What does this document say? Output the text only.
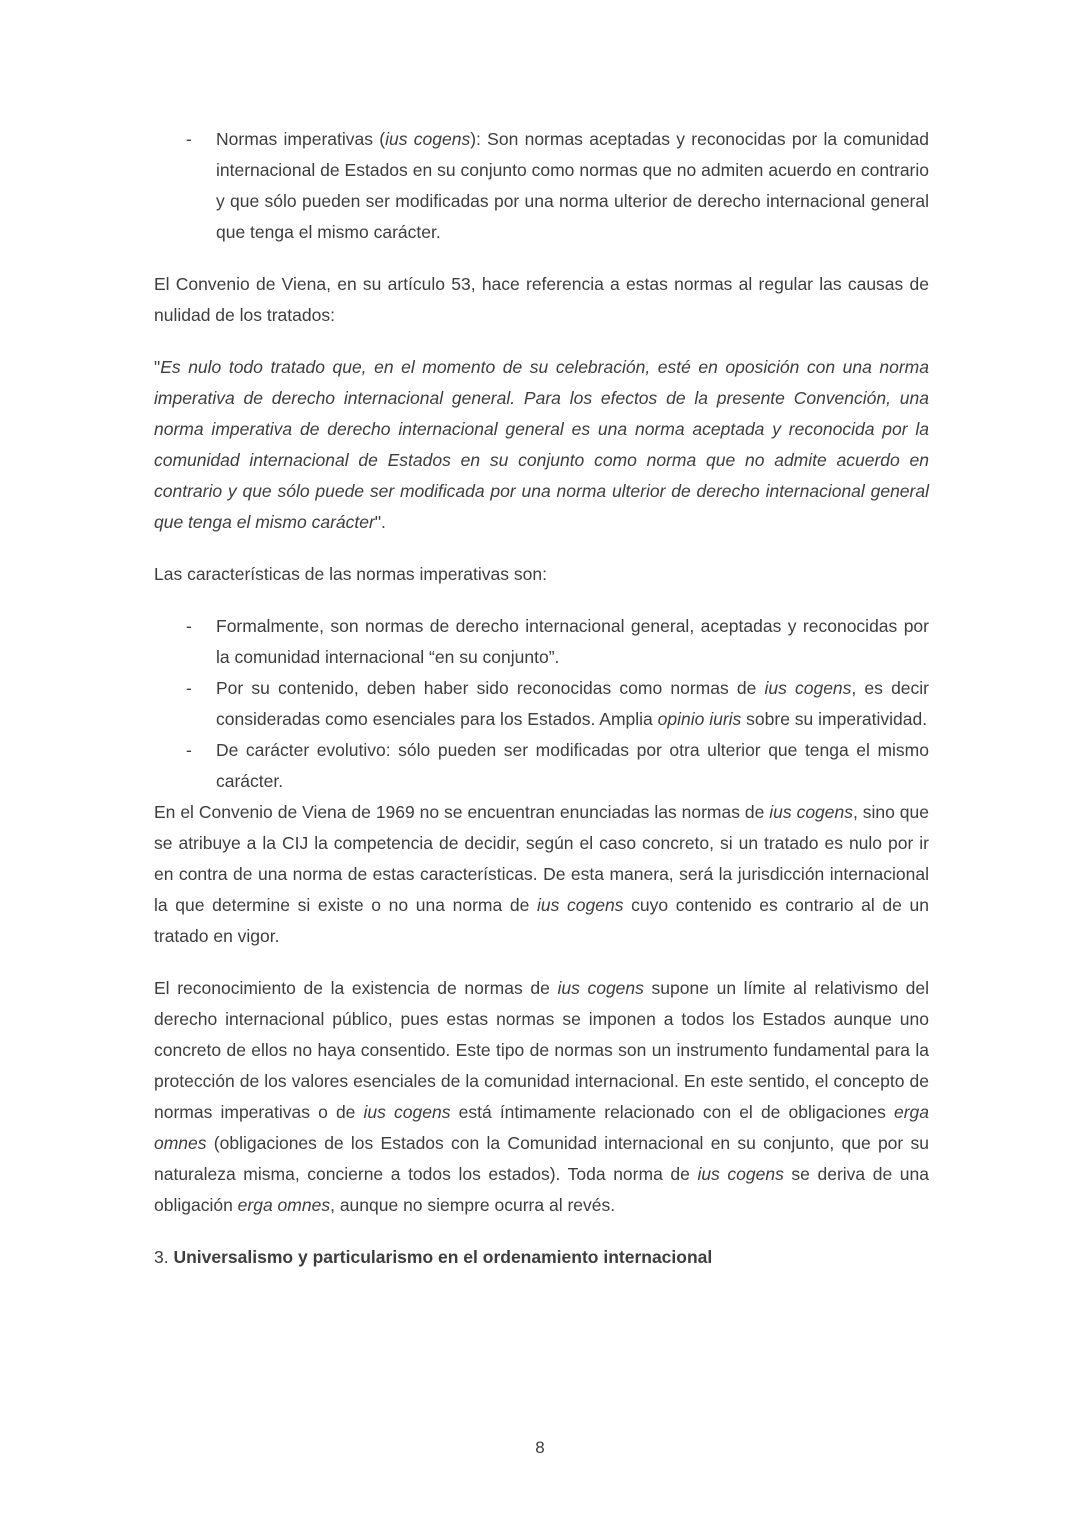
- Normas imperativas (ius cogens): Son normas aceptadas y reconocidas por la comunidad internacional de Estados en su conjunto como normas que no admiten acuerdo en contrario y que sólo pueden ser modificadas por una norma ulterior de derecho internacional general que tenga el mismo carácter.

El Convenio de Viena, en su artículo 53, hace referencia a estas normas al regular las causas de nulidad de los tratados:

"Es nulo todo tratado que, en el momento de su celebración, esté en oposición con una norma imperativa de derecho internacional general. Para los efectos de la presente Convención, una norma imperativa de derecho internacional general es una norma aceptada y reconocida por la comunidad internacional de Estados en su conjunto como norma que no admite acuerdo en contrario y que sólo puede ser modificada por una norma ulterior de derecho internacional general que tenga el mismo carácter".

Las características de las normas imperativas son:

- Formalmente, son normas de derecho internacional general, aceptadas y reconocidas por la comunidad internacional “en su conjunto”.
- Por su contenido, deben haber sido reconocidas como normas de ius cogens, es decir consideradas como esenciales para los Estados. Amplia opinio iuris sobre su imperatividad.
- De carácter evolutivo: sólo pueden ser modificadas por otra ulterior que tenga el mismo carácter.

En el Convenio de Viena de 1969 no se encuentran enunciadas las normas de ius cogens, sino que se atribuye a la CIJ la competencia de decidir, según el caso concreto, si un tratado es nulo por ir en contra de una norma de estas características. De esta manera, será la jurisdicción internacional la que determine si existe o no una norma de ius cogens cuyo contenido es contrario al de un tratado en vigor.

El reconocimiento de la existencia de normas de ius cogens supone un límite al relativismo del derecho internacional público, pues estas normas se imponen a todos los Estados aunque uno concreto de ellos no haya consentido. Este tipo de normas son un instrumento fundamental para la protección de los valores esenciales de la comunidad internacional. En este sentido, el concepto de normas imperativas o de ius cogens está íntimamente relacionado con el de obligaciones erga omnes (obligaciones de los Estados con la Comunidad internacional en su conjunto, que por su naturaleza misma, concierne a todos los estados). Toda norma de ius cogens se deriva de una obligación erga omnes, aunque no siempre ocurra al revés.

3. Universalismo y particularismo en el ordenamiento internacional
8
